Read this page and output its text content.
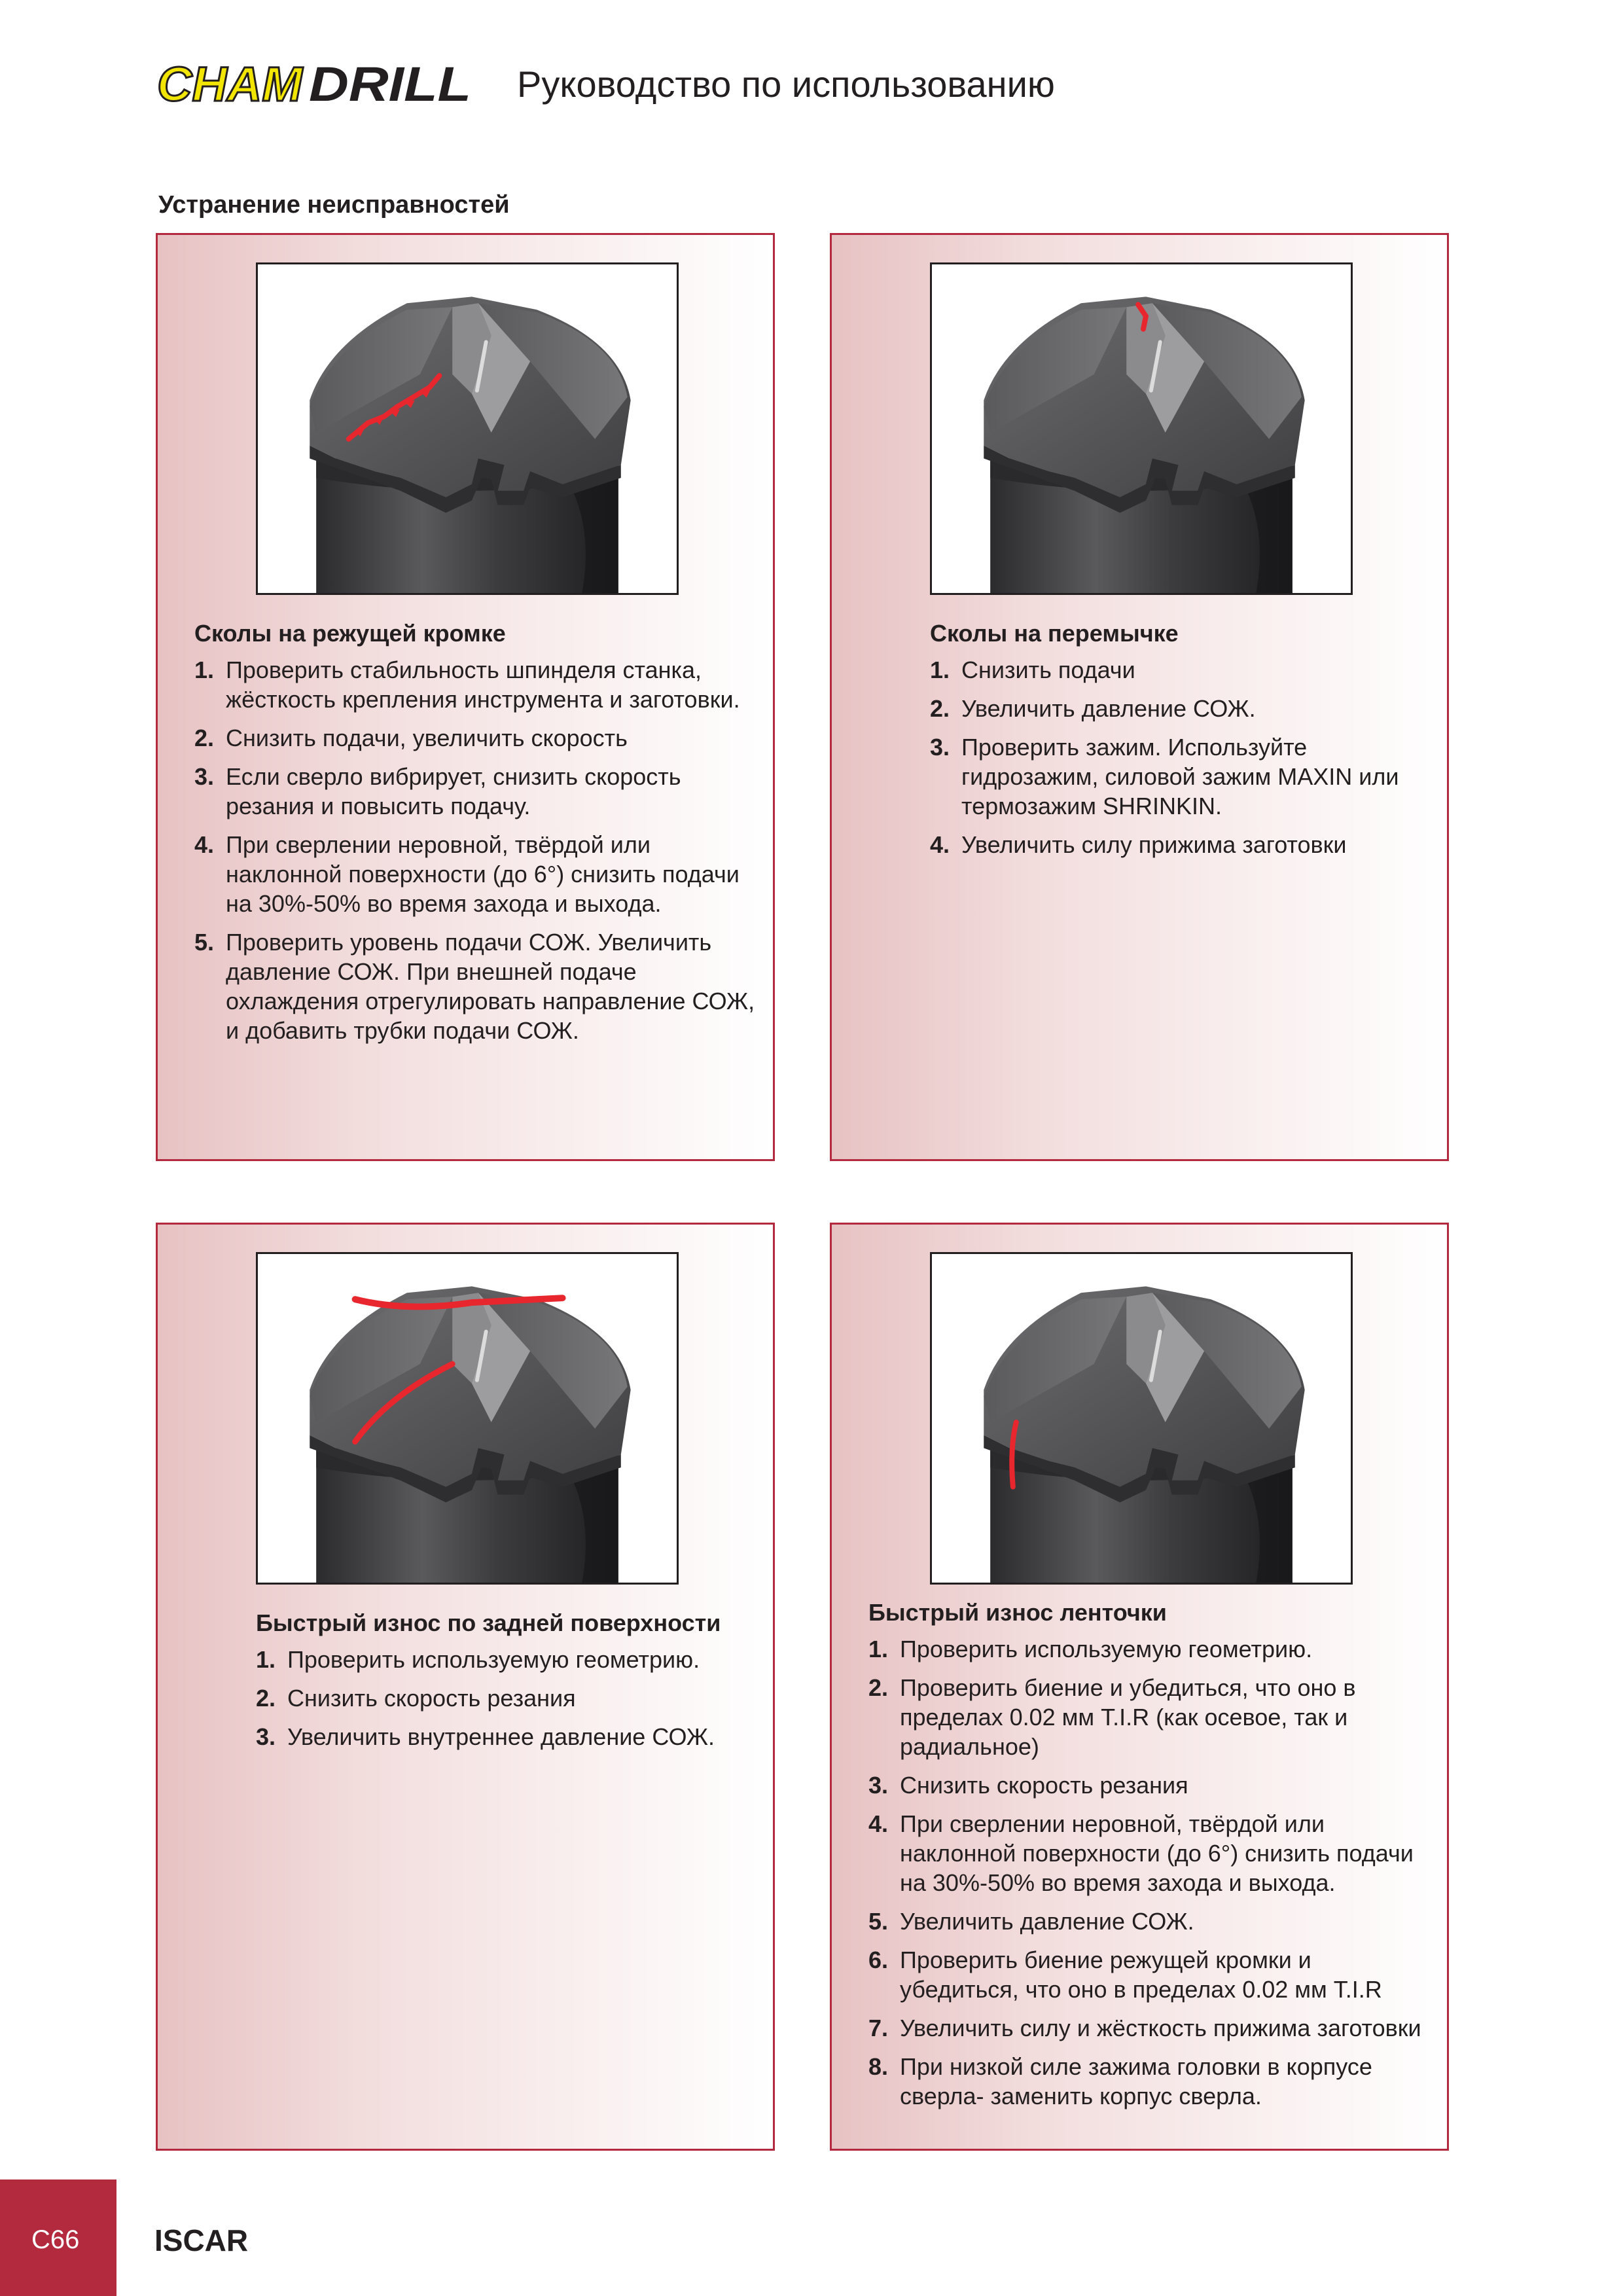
CHAM DRILL Руководство по использованию
Устранение неисправностей
Сколы на режущей кромке
1. Проверить стабильность шпинделя станка, жёсткость крепления инструмента и заготовки.
2. Снизить подачи, увеличить скорость
3. Если сверло вибрирует, снизить скорость резания и повысить подачу.
4. При сверлении неровной, твёрдой или наклонной поверхности (до 6°) снизить подачи на 30%-50% во время захода и выхода.
5. Проверить уровень подачи СОЖ. Увеличить давление СОЖ. При внешней подаче охлаждения отрегулировать направление СОЖ, и добавить трубки подачи СОЖ.
Сколы на перемычке
1. Снизить подачи
2. Увеличить давление СОЖ.
3. Проверить зажим. Используйте гидрозажим, силовой зажим MAXIN или термозажим SHRINKIN.
4. Увеличить силу прижима заготовки
Быстрый износ по задней поверхности
1. Проверить используемую геометрию.
2. Снизить скорость резания
3. Увеличить внутреннее давление СОЖ.
Быстрый износ ленточки
1. Проверить используемую геометрию.
2. Проверить биение и убедиться, что оно в пределах 0.02 мм T.I.R (как осевое, так и радиальное)
3. Снизить скорость резания
4. При сверлении неровной, твёрдой или наклонной поверхности (до 6°) снизить подачи на 30%-50% во время захода и выхода.
5. Увеличить давление СОЖ.
6. Проверить биение режущей кромки и убедиться, что оно в пределах 0.02 мм T.I.R
7. Увеличить силу и жёсткость прижима заготовки
8. При низкой силе зажима головки в корпусе сверла- заменить корпус сверла.
C66 ISCAR
